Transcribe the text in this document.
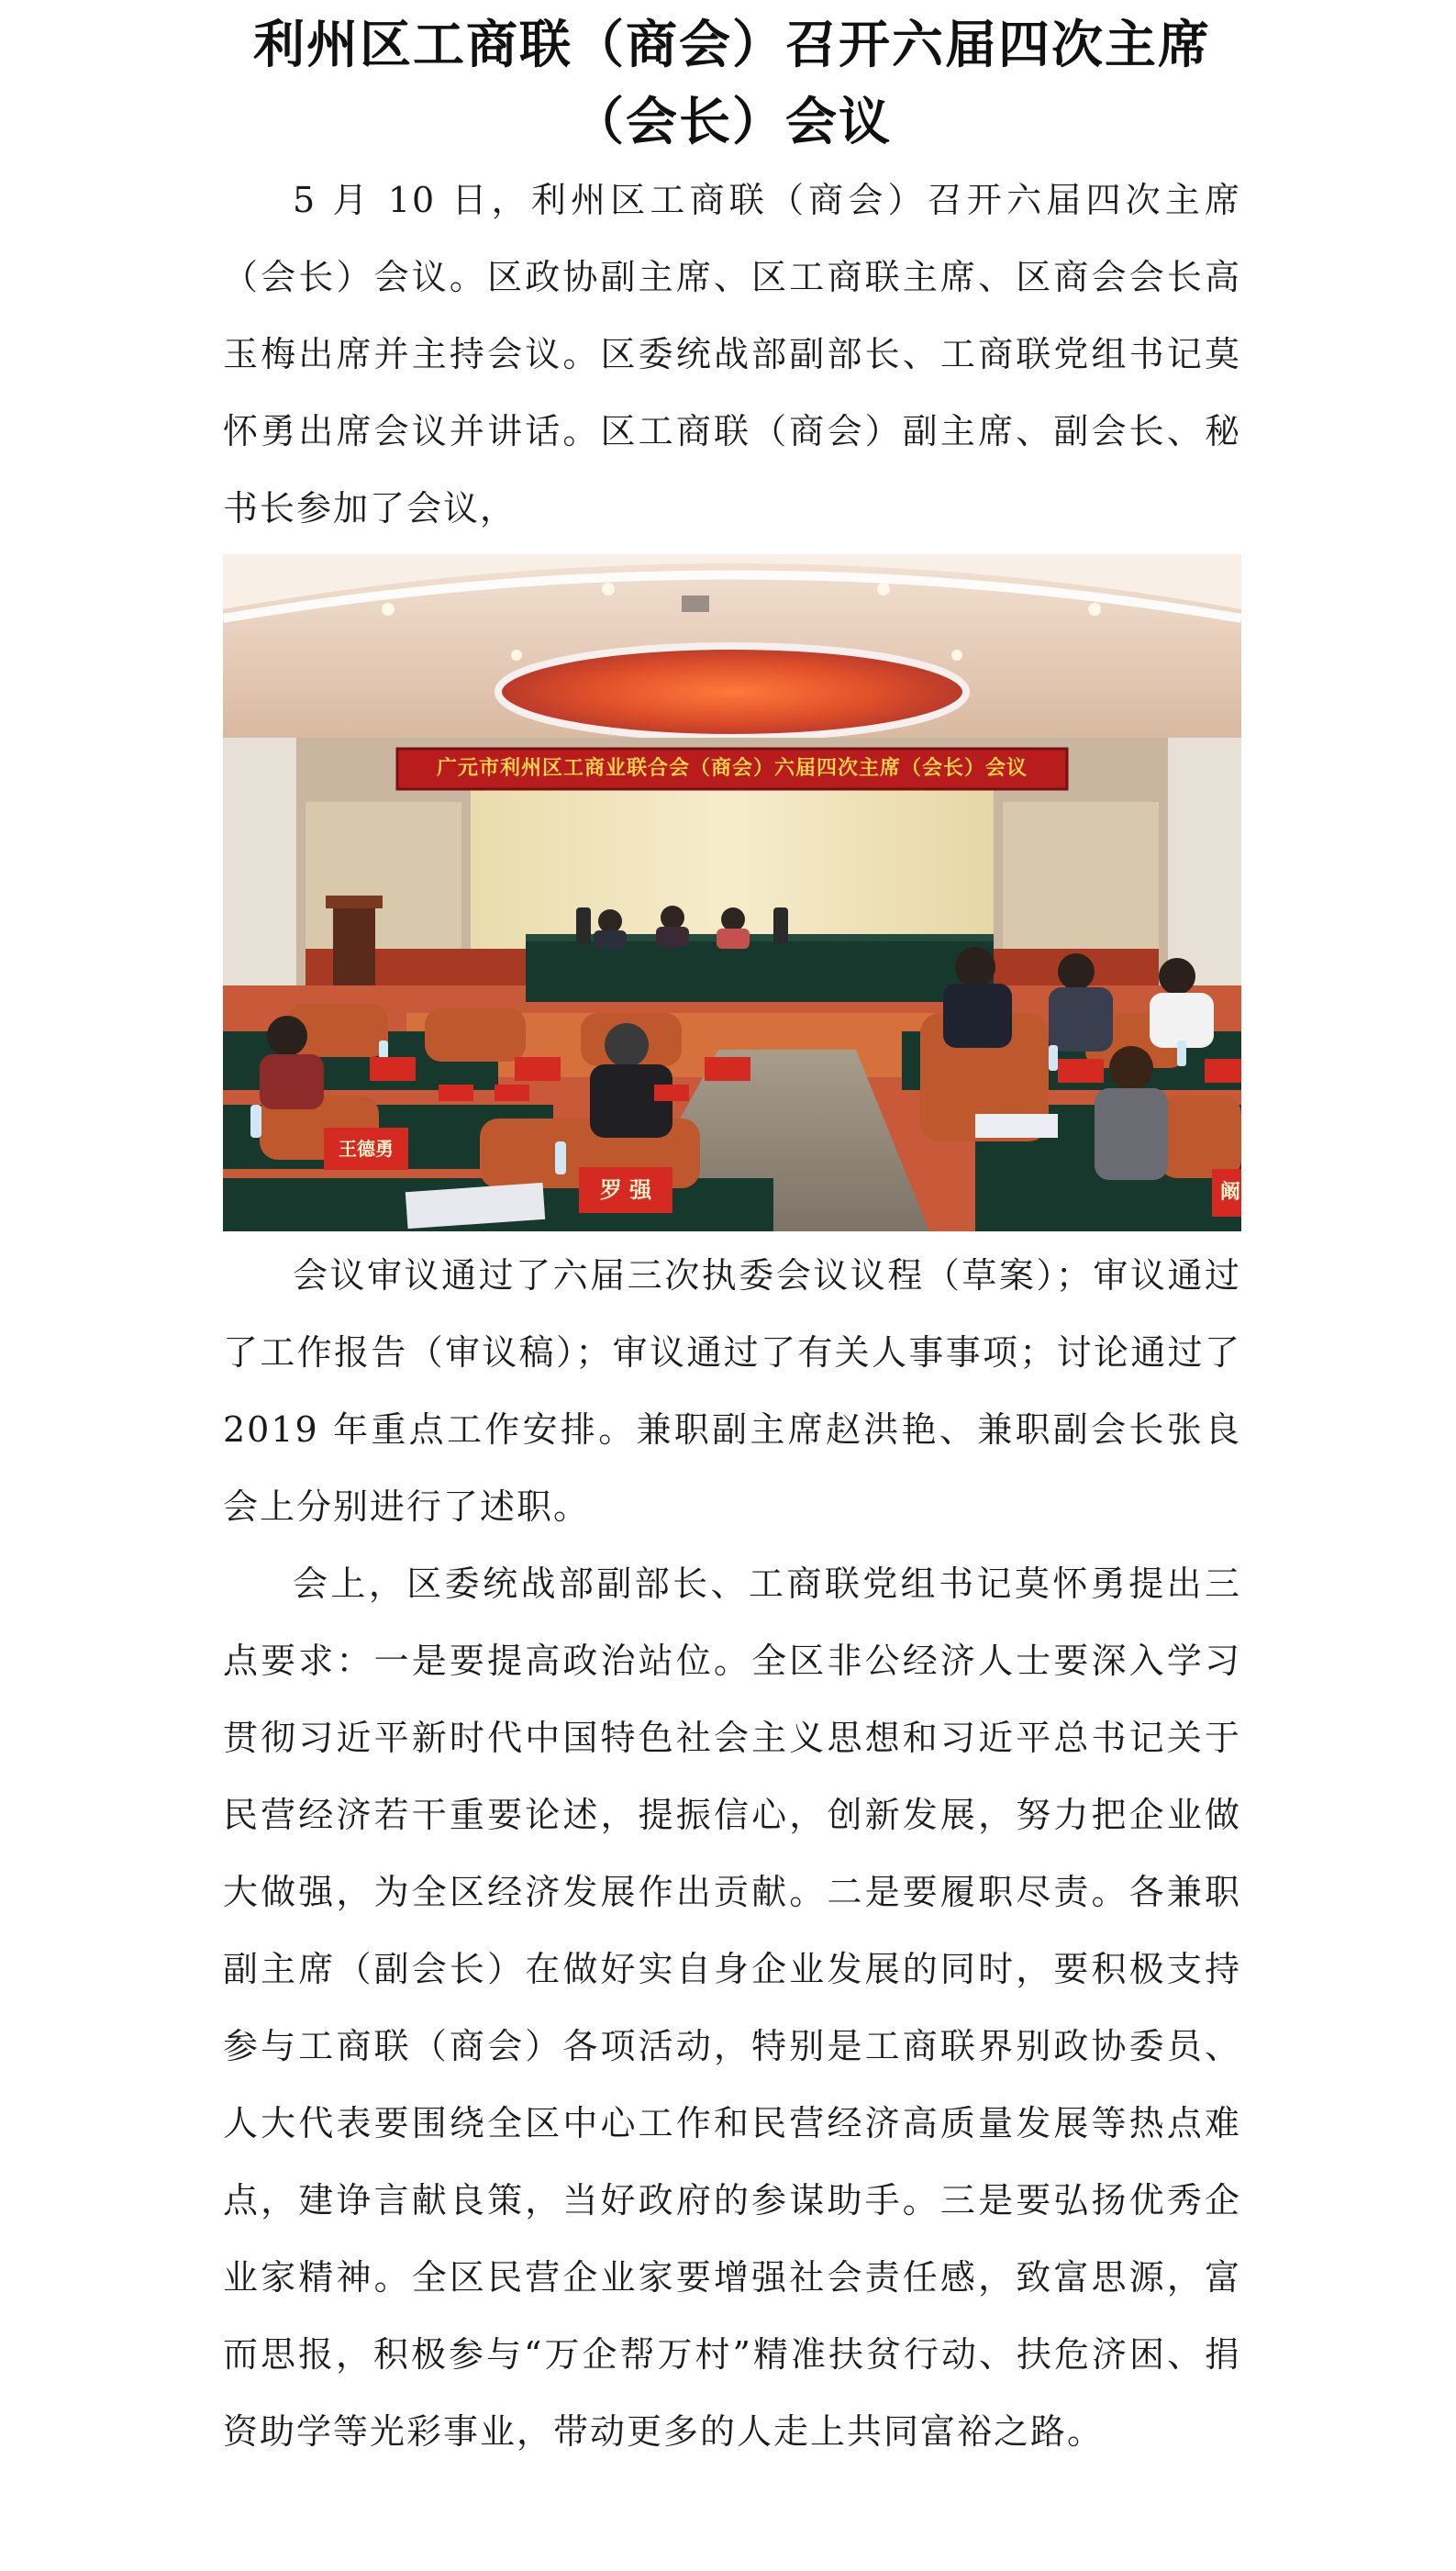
利州区工商联（商会）召开六届四次主席（会长）会议

5 月 10 日，利州区工商联（商会）召开六届四次主席（会长）会议。区政协副主席、区工商联主席、区商会会长高玉梅出席并主持会议。区委统战部副部长、工商联党组书记莫怀勇出席会议并讲话。区工商联（商会）副主席、副会长、秘书长参加了会议，

广元市利州区工商业联合会（商会）六届四次主席（会长）会议
王德勇
罗 强	阚

会议审议通过了六届三次执委会议议程（草案）；审议通过了工作报告（审议稿）；审议通过了有关人事事项；讨论通过了 2019 年重点工作安排。兼职副主席赵洪艳、兼职副会长张良会上分别进行了述职。

会上，区委统战部副部长、工商联党组书记莫怀勇提出三点要求：一是要提高政治站位。全区非公经济人士要深入学习贯彻习近平新时代中国特色社会主义思想和习近平总书记关于民营经济若干重要论述，提振信心，创新发展，努力把企业做大做强，为全区经济发展作出贡献。二是要履职尽责。各兼职副主席（副会长）在做好实自身企业发展的同时，要积极支持参与工商联（商会）各项活动，特别是工商联界别政协委员、人大代表要围绕全区中心工作和民营经济高质量发展等热点难点，建诤言献良策，当好政府的参谋助手。三是要弘扬优秀企业家精神。全区民营企业家要增强社会责任感，致富思源，富而思报，积极参与“万企帮万村”精准扶贫行动、扶危济困、捐资助学等光彩事业，带动更多的人走上共同富裕之路。
